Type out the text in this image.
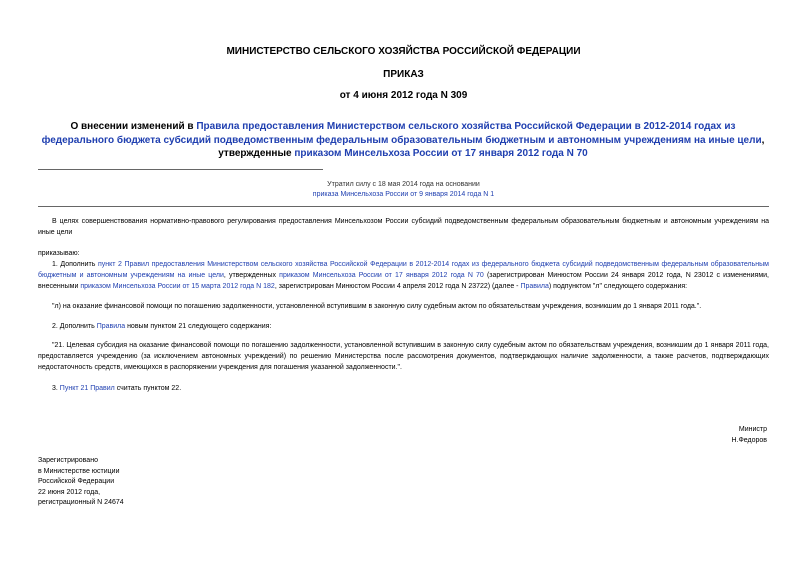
МИНИСТЕРСТВО СЕЛЬСКОГО ХОЗЯЙСТВА РОССИЙСКОЙ ФЕДЕРАЦИИ
ПРИКАЗ
от 4 июня 2012 года N 309
О внесении изменений в Правила предоставления Министерством сельского хозяйства Российской Федерации в 2012-2014 годах из федерального бюджета субсидий подведомственным федеральным образовательным бюджетным и автономным учреждениям на иные цели, утвержденные приказом Минсельхоза России от 17 января 2012 года N 70
Утратил силу с 18 мая 2014 года на основании
приказа Минсельхоза России от 9 января 2014 года N 1
В целях совершенствования нормативно-правового регулирования предоставления Минсельхозом России субсидий подведомственным федеральным образовательным бюджетным и автономным учреждениям на иные цели
приказываю:
1. Дополнить пункт 2 Правил предоставления Министерством сельского хозяйства Российской Федерации в 2012-2014 годах из федерального бюджета субсидий подведомственным федеральным образовательным бюджетным и автономным учреждениям на иные цели, утвержденных приказом Минсельхоза России от 17 января 2012 года N 70 (зарегистрирован Минюстом России 24 января 2012 года, N 23012 с изменениями, внесенными приказом Минсельхоза России от 15 марта 2012 года N 182, зарегистрирован Минюстом России 4 апреля 2012 года N 23722) (далее - Правила) подпунктом "л" следующего содержания:
"л) на оказание финансовой помощи по погашению задолженности, установленной вступившим в законную силу судебным актом по обязательствам учреждения, возникшим до 1 января 2011 года.".
2. Дополнить Правила новым пунктом 21 следующего содержания:
"21. Целевая субсидия на оказание финансовой помощи по погашению задолженности, установленной вступившим в законную силу судебным актом по обязательствам учреждения, возникшим до 1 января 2011 года, предоставляется учреждению (за исключением автономных учреждений) по решению Министерства после рассмотрения документов, подтверждающих наличие задолженности, а также расчетов, подтверждающих недостаточность средств, имеющихся в распоряжении учреждения для погашения указанной задолженности.".
3. Пункт 21 Правил считать пунктом 22.
Министр
Н.Федоров
Зарегистрировано
в Министерстве юстиции
Российской Федерации
22 июня 2012 года,
регистрационный N 24674
